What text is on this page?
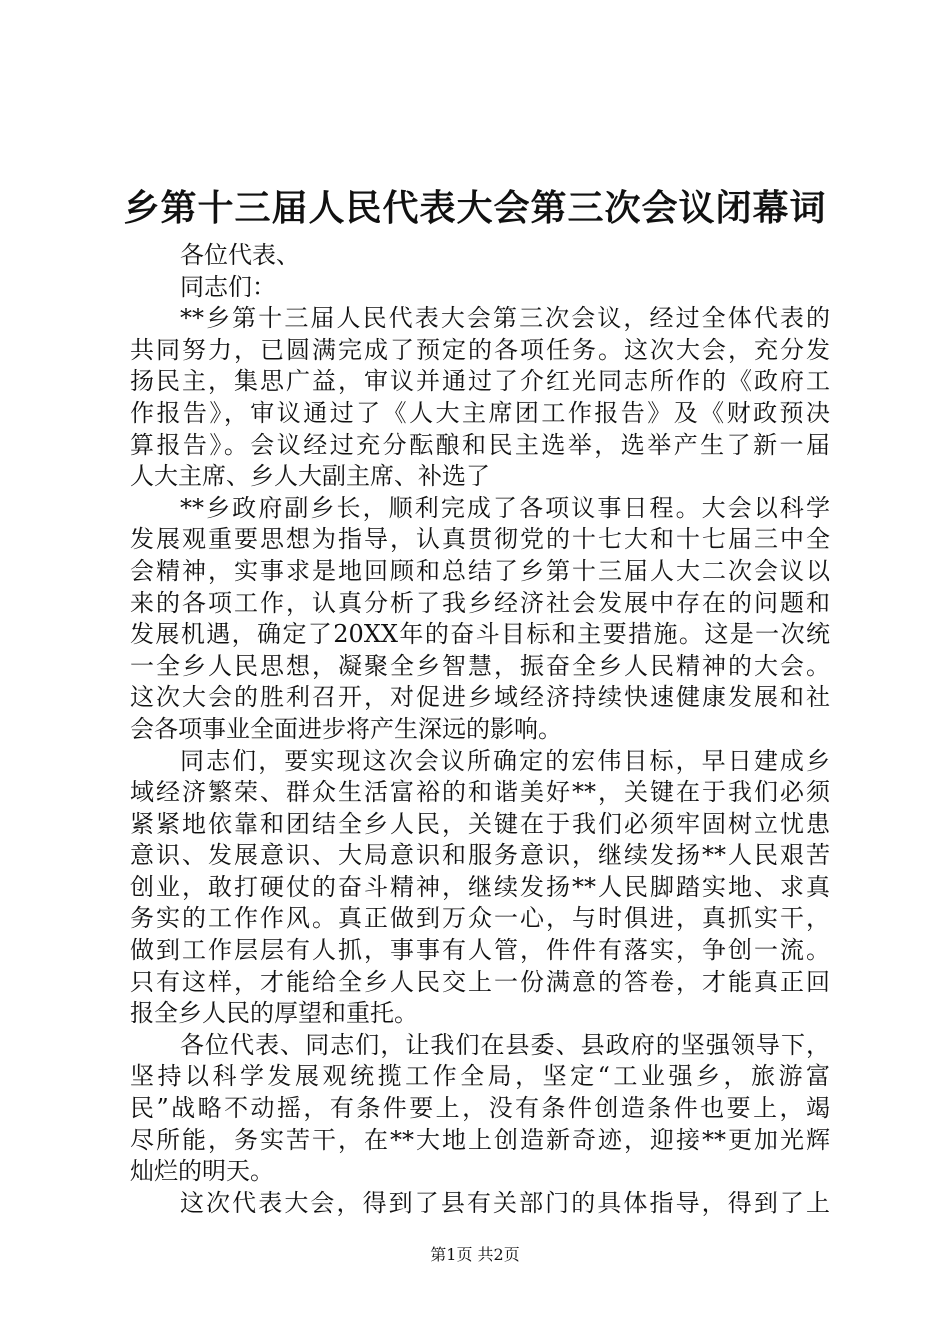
乡第十三届人民代表大会第三次会议闭幕词
各位代表、
同志们：
**乡第十三届人民代表大会第三次会议，经过全体代表的
共同努力，已圆满完成了预定的各项任务。这次大会，充分发
扬民主，集思广益，审议并通过了介红光同志所作的《政府工
作报告》，审议通过了《人大主席团工作报告》及《财政预决
算报告》。会议经过充分酝酿和民主选举，选举产生了新一届
人大主席、乡人大副主席、补选了
**乡政府副乡长，顺利完成了各项议事日程。大会以科学
发展观重要思想为指导，认真贯彻党的十七大和十七届三中全
会精神，实事求是地回顾和总结了乡第十三届人大二次会议以
来的各项工作，认真分析了我乡经济社会发展中存在的问题和
发展机遇，确定了20XX年的奋斗目标和主要措施。这是一次统
一全乡人民思想，凝聚全乡智慧，振奋全乡人民精神的大会。
这次大会的胜利召开，对促进乡域经济持续快速健康发展和社
会各项事业全面进步将产生深远的影响。
同志们，要实现这次会议所确定的宏伟目标，早日建成乡
域经济繁荣、群众生活富裕的和谐美好**，关键在于我们必须
紧紧地依靠和团结全乡人民，关键在于我们必须牢固树立忧患
意识、发展意识、大局意识和服务意识，继续发扬**人民艰苦
创业，敢打硬仗的奋斗精神，继续发扬**人民脚踏实地、求真
务实的工作作风。真正做到万众一心，与时俱进，真抓实干，
做到工作层层有人抓，事事有人管，件件有落实，争创一流。
只有这样，才能给全乡人民交上一份满意的答卷，才能真正回
报全乡人民的厚望和重托。
各位代表、同志们，让我们在县委、县政府的坚强领导下，
坚持以科学发展观统揽工作全局，坚定“工业强乡，旅游富
民”战略不动摇，有条件要上，没有条件创造条件也要上，竭
尽所能，务实苦干，在**大地上创造新奇迹，迎接**更加光辉
灿烂的明天。
这次代表大会，得到了县有关部门的具体指导，得到了上
第1页 共2页
